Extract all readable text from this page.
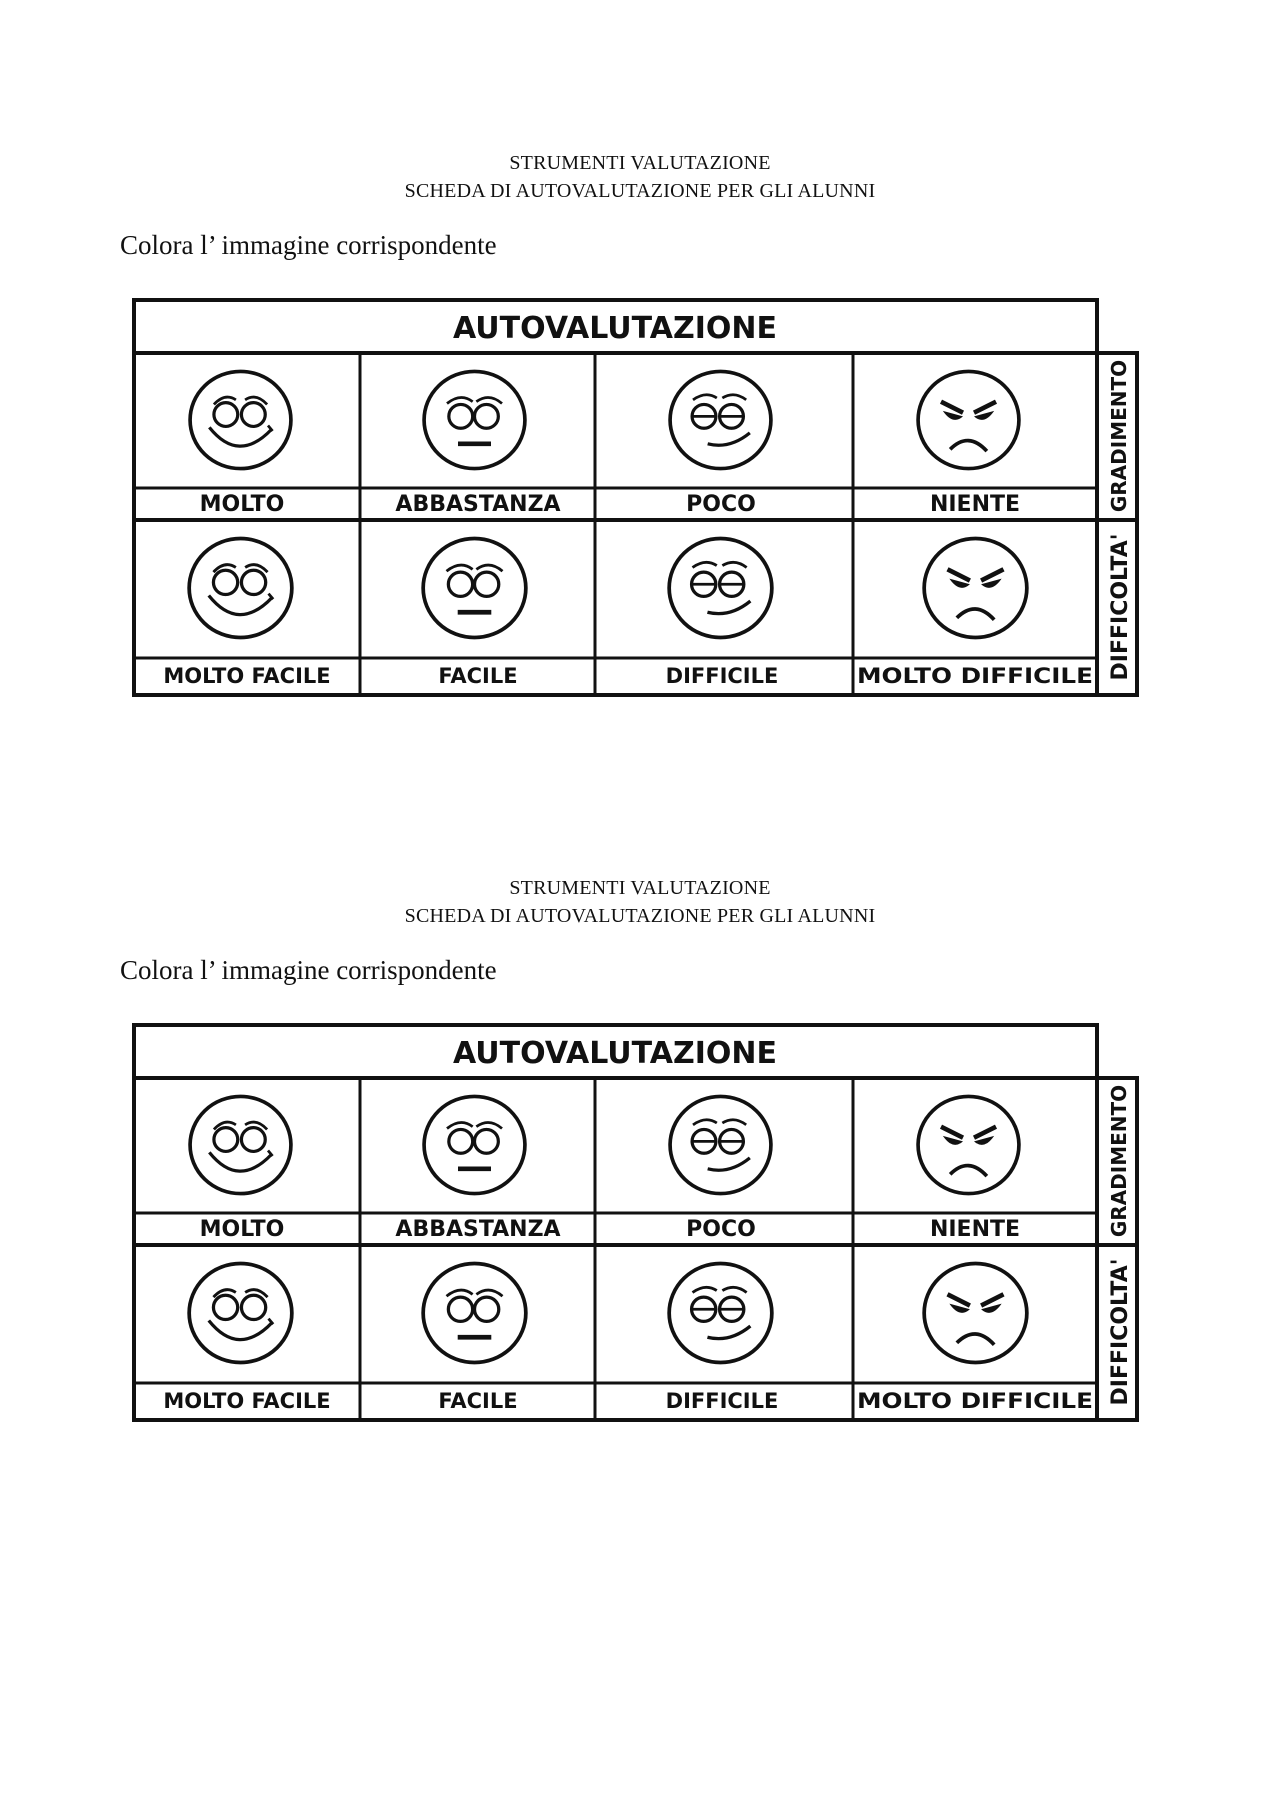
STRUMENTI VALUTAZIONE
SCHEDA DI AUTOVALUTAZIONE PER GLI ALUNNI
Colora l’ immagine corrispondente
AUTOVALUTAZIONE
MOLTO	ABBASTANZA	POCO	NIENTE
MOLTO FACILE	FACILE	DIFFICILE	MOLTO DIFFICILE
GRADIMENTO
DIFFICOLTA'
STRUMENTI VALUTAZIONE
SCHEDA DI AUTOVALUTAZIONE PER GLI ALUNNI
Colora l’ immagine corrispondente
AUTOVALUTAZIONE
MOLTO	ABBASTANZA	POCO	NIENTE
MOLTO FACILE	FACILE	DIFFICILE	MOLTO DIFFICILE
GRADIMENTO
DIFFICOLTA'
